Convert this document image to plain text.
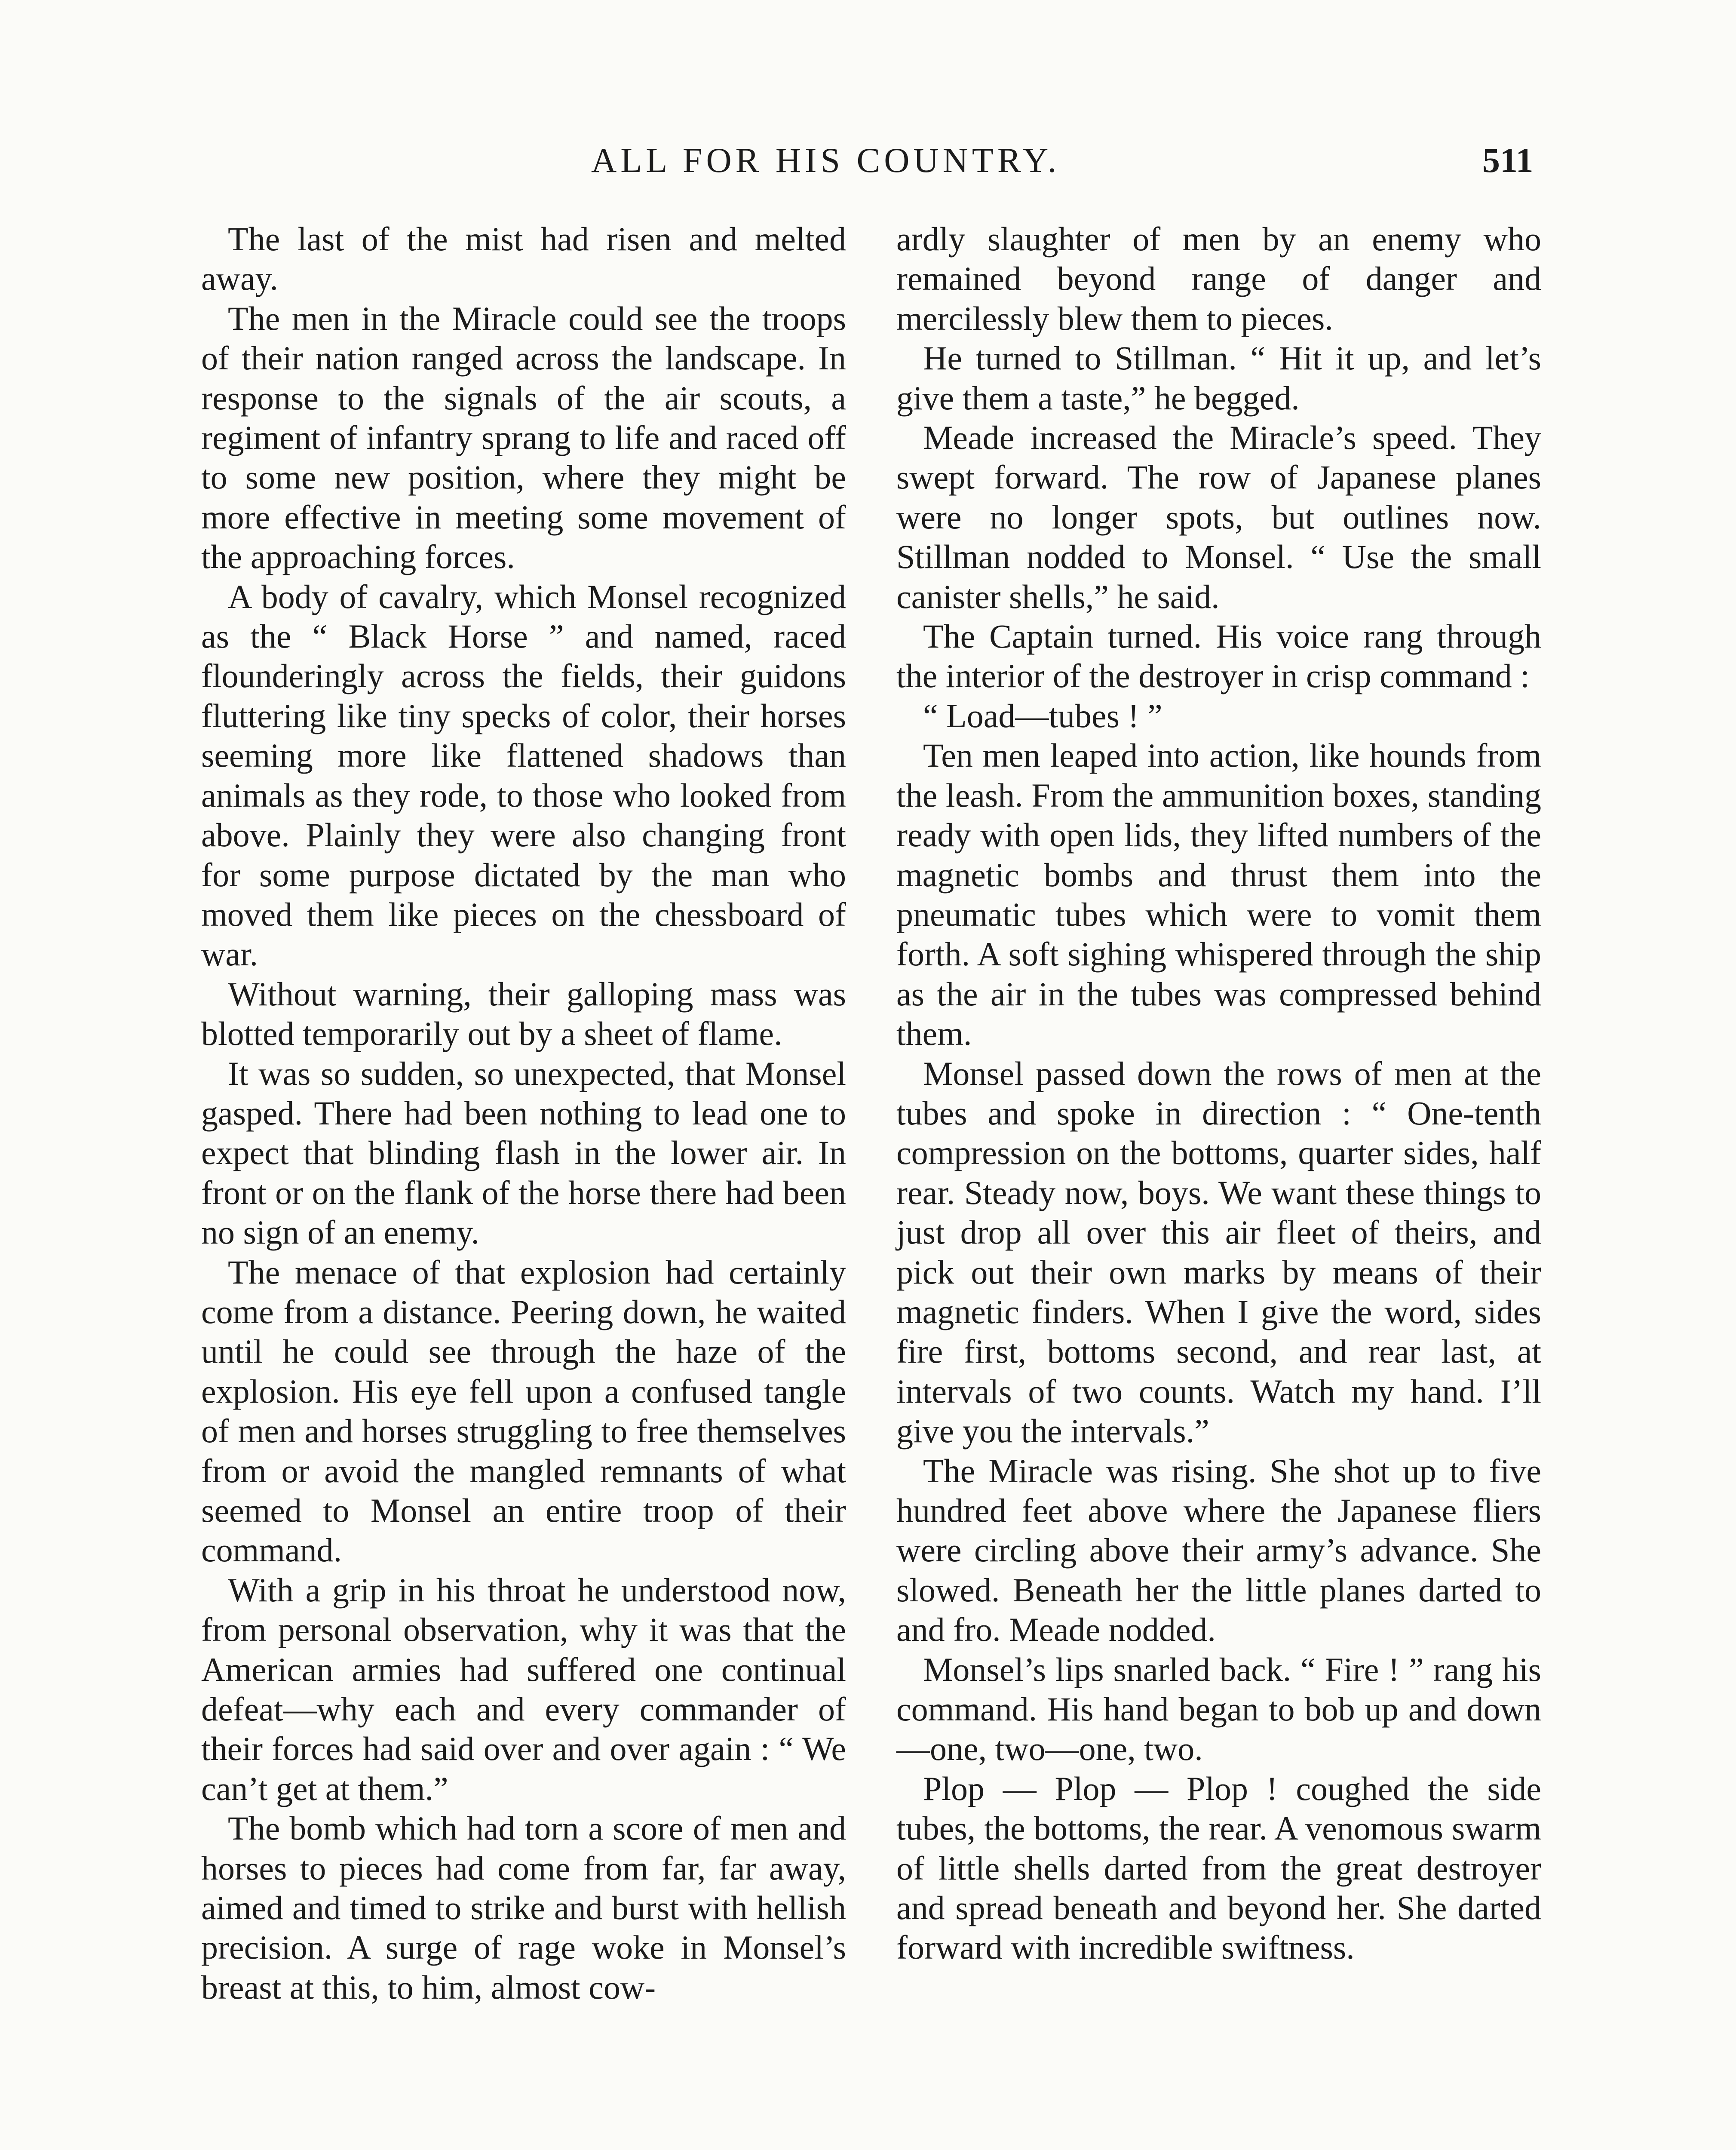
ALL FOR HIS COUNTRY.	511

The last of the mist had risen and melted away.

The men in the Miracle could see the troops of their nation ranged across the landscape. In response to the signals of the air scouts, a regiment of infantry sprang to life and raced off to some new position, where they might be more effective in meeting some movement of the approaching forces.

A body of cavalry, which Monsel recognized as the “ Black Horse ” and named, raced flounderingly across the fields, their guidons fluttering like tiny specks of color, their horses seeming more like flattened shadows than animals as they rode, to those who looked from above. Plainly they were also changing front for some purpose dictated by the man who moved them like pieces on the chessboard of war.

Without warning, their galloping mass was blotted temporarily out by a sheet of flame.

It was so sudden, so unexpected, that Monsel gasped. There had been nothing to lead one to expect that blinding flash in the lower air. In front or on the flank of the horse there had been no sign of an enemy.

The menace of that explosion had certainly come from a distance. Peering down, he waited until he could see through the haze of the explosion. His eye fell upon a confused tangle of men and horses struggling to free themselves from or avoid the mangled remnants of what seemed to Monsel an entire troop of their command.

With a grip in his throat he understood now, from personal observation, why it was that the American armies had suffered one continual defeat—why each and every commander of their forces had said over and over again : “ We can’t get at them.”

The bomb which had torn a score of men and horses to pieces had come from far, far away, aimed and timed to strike and burst with hellish precision. A surge of rage woke in Monsel’s breast at this, to him, almost cow-

ardly slaughter of men by an enemy who remained beyond range of danger and mercilessly blew them to pieces.

He turned to Stillman. “ Hit it up, and let’s give them a taste,” he begged.

Meade increased the Miracle’s speed. They swept forward. The row of Japanese planes were no longer spots, but outlines now. Stillman nodded to Monsel. “ Use the small canister shells,” he said.

The Captain turned. His voice rang through the interior of the destroyer in crisp command :

“ Load—tubes ! ”

Ten men leaped into action, like hounds from the leash. From the ammunition boxes, standing ready with open lids, they lifted numbers of the magnetic bombs and thrust them into the pneumatic tubes which were to vomit them forth. A soft sighing whispered through the ship as the air in the tubes was compressed behind them.

Monsel passed down the rows of men at the tubes and spoke in direction : “ One-tenth compression on the bottoms, quarter sides, half rear. Steady now, boys. We want these things to just drop all over this air fleet of theirs, and pick out their own marks by means of their magnetic finders. When I give the word, sides fire first, bottoms second, and rear last, at intervals of two counts. Watch my hand. I’ll give you the intervals.”

The Miracle was rising. She shot up to five hundred feet above where the Japanese fliers were circling above their army’s advance. She slowed. Beneath her the little planes darted to and fro. Meade nodded.

Monsel’s lips snarled back. “ Fire ! ” rang his command. His hand began to bob up and down—one, two—one, two.

Plop — Plop — Plop ! coughed the side tubes, the bottoms, the rear. A venomous swarm of little shells darted from the great destroyer and spread beneath and beyond her. She darted forward with incredible swiftness.
